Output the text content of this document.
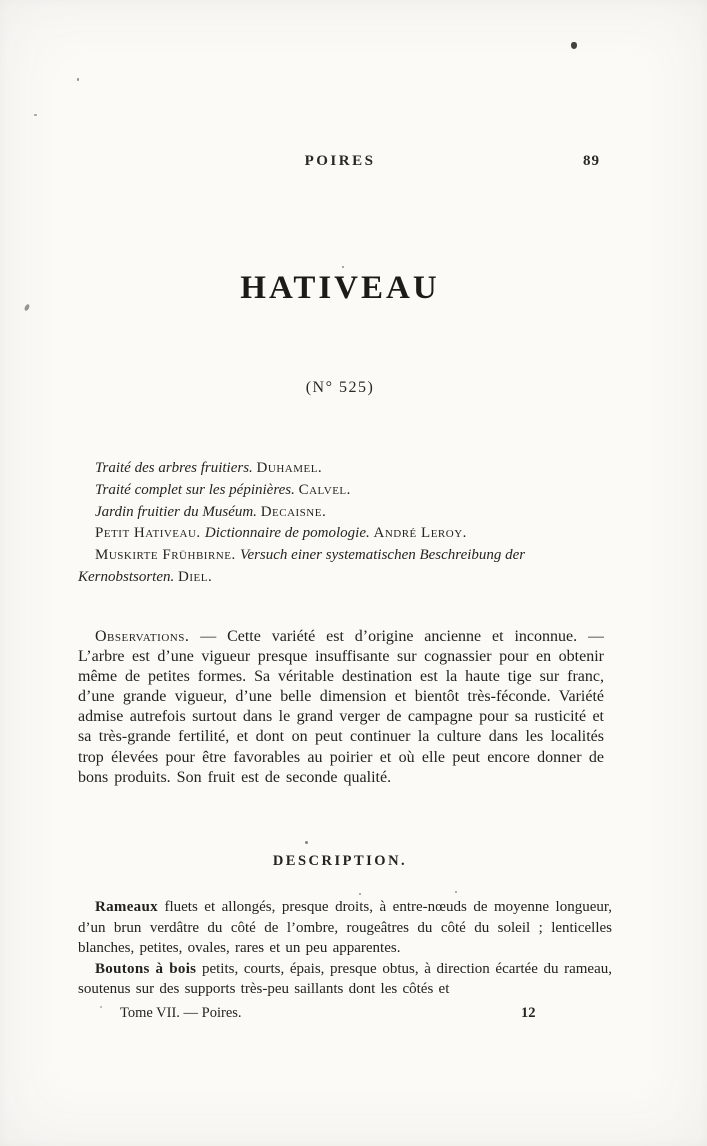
POIRES	89
HATIVEAU
(N° 525)

Traité des arbres fruitiers. Duhamel.

Traité complet sur les pépinières. Calvel.

Jardin fruitier du Muséum. Decaisne.

Petit Hativeau. Dictionnaire de pomologie. André Leroy.

Muskirte Frühbirne. Versuch einer systematischen Beschreibung der Kernobstsorten. Diel.

Observations. — Cette variété est d’origine ancienne et inconnue. — L’arbre est d’une vigueur presque insuffisante sur cognassier pour en obtenir même de petites formes. Sa véritable destination est la haute tige sur franc, d’une grande vigueur, d’une belle dimension et bientôt très-féconde. Variété admise autrefois surtout dans le grand verger de campagne pour sa rusticité et sa très-grande fertilité, et dont on peut continuer la culture dans les localités trop élevées pour être favorables au poirier et où elle peut encore donner de bons produits. Son fruit est de seconde qualité.

DESCRIPTION.

Rameaux fluets et allongés, presque droits, à entre-nœuds de moyenne longueur, d’un brun verdâtre du côté de l’ombre, rougeâtres du côté du soleil ; lenticelles blanches, petites, ovales, rares et un peu apparentes.

Boutons à bois petits, courts, épais, presque obtus, à direction écartée du rameau, soutenus sur des supports très-peu saillants dont les côtés et

Tome VII. — Poires.	12
